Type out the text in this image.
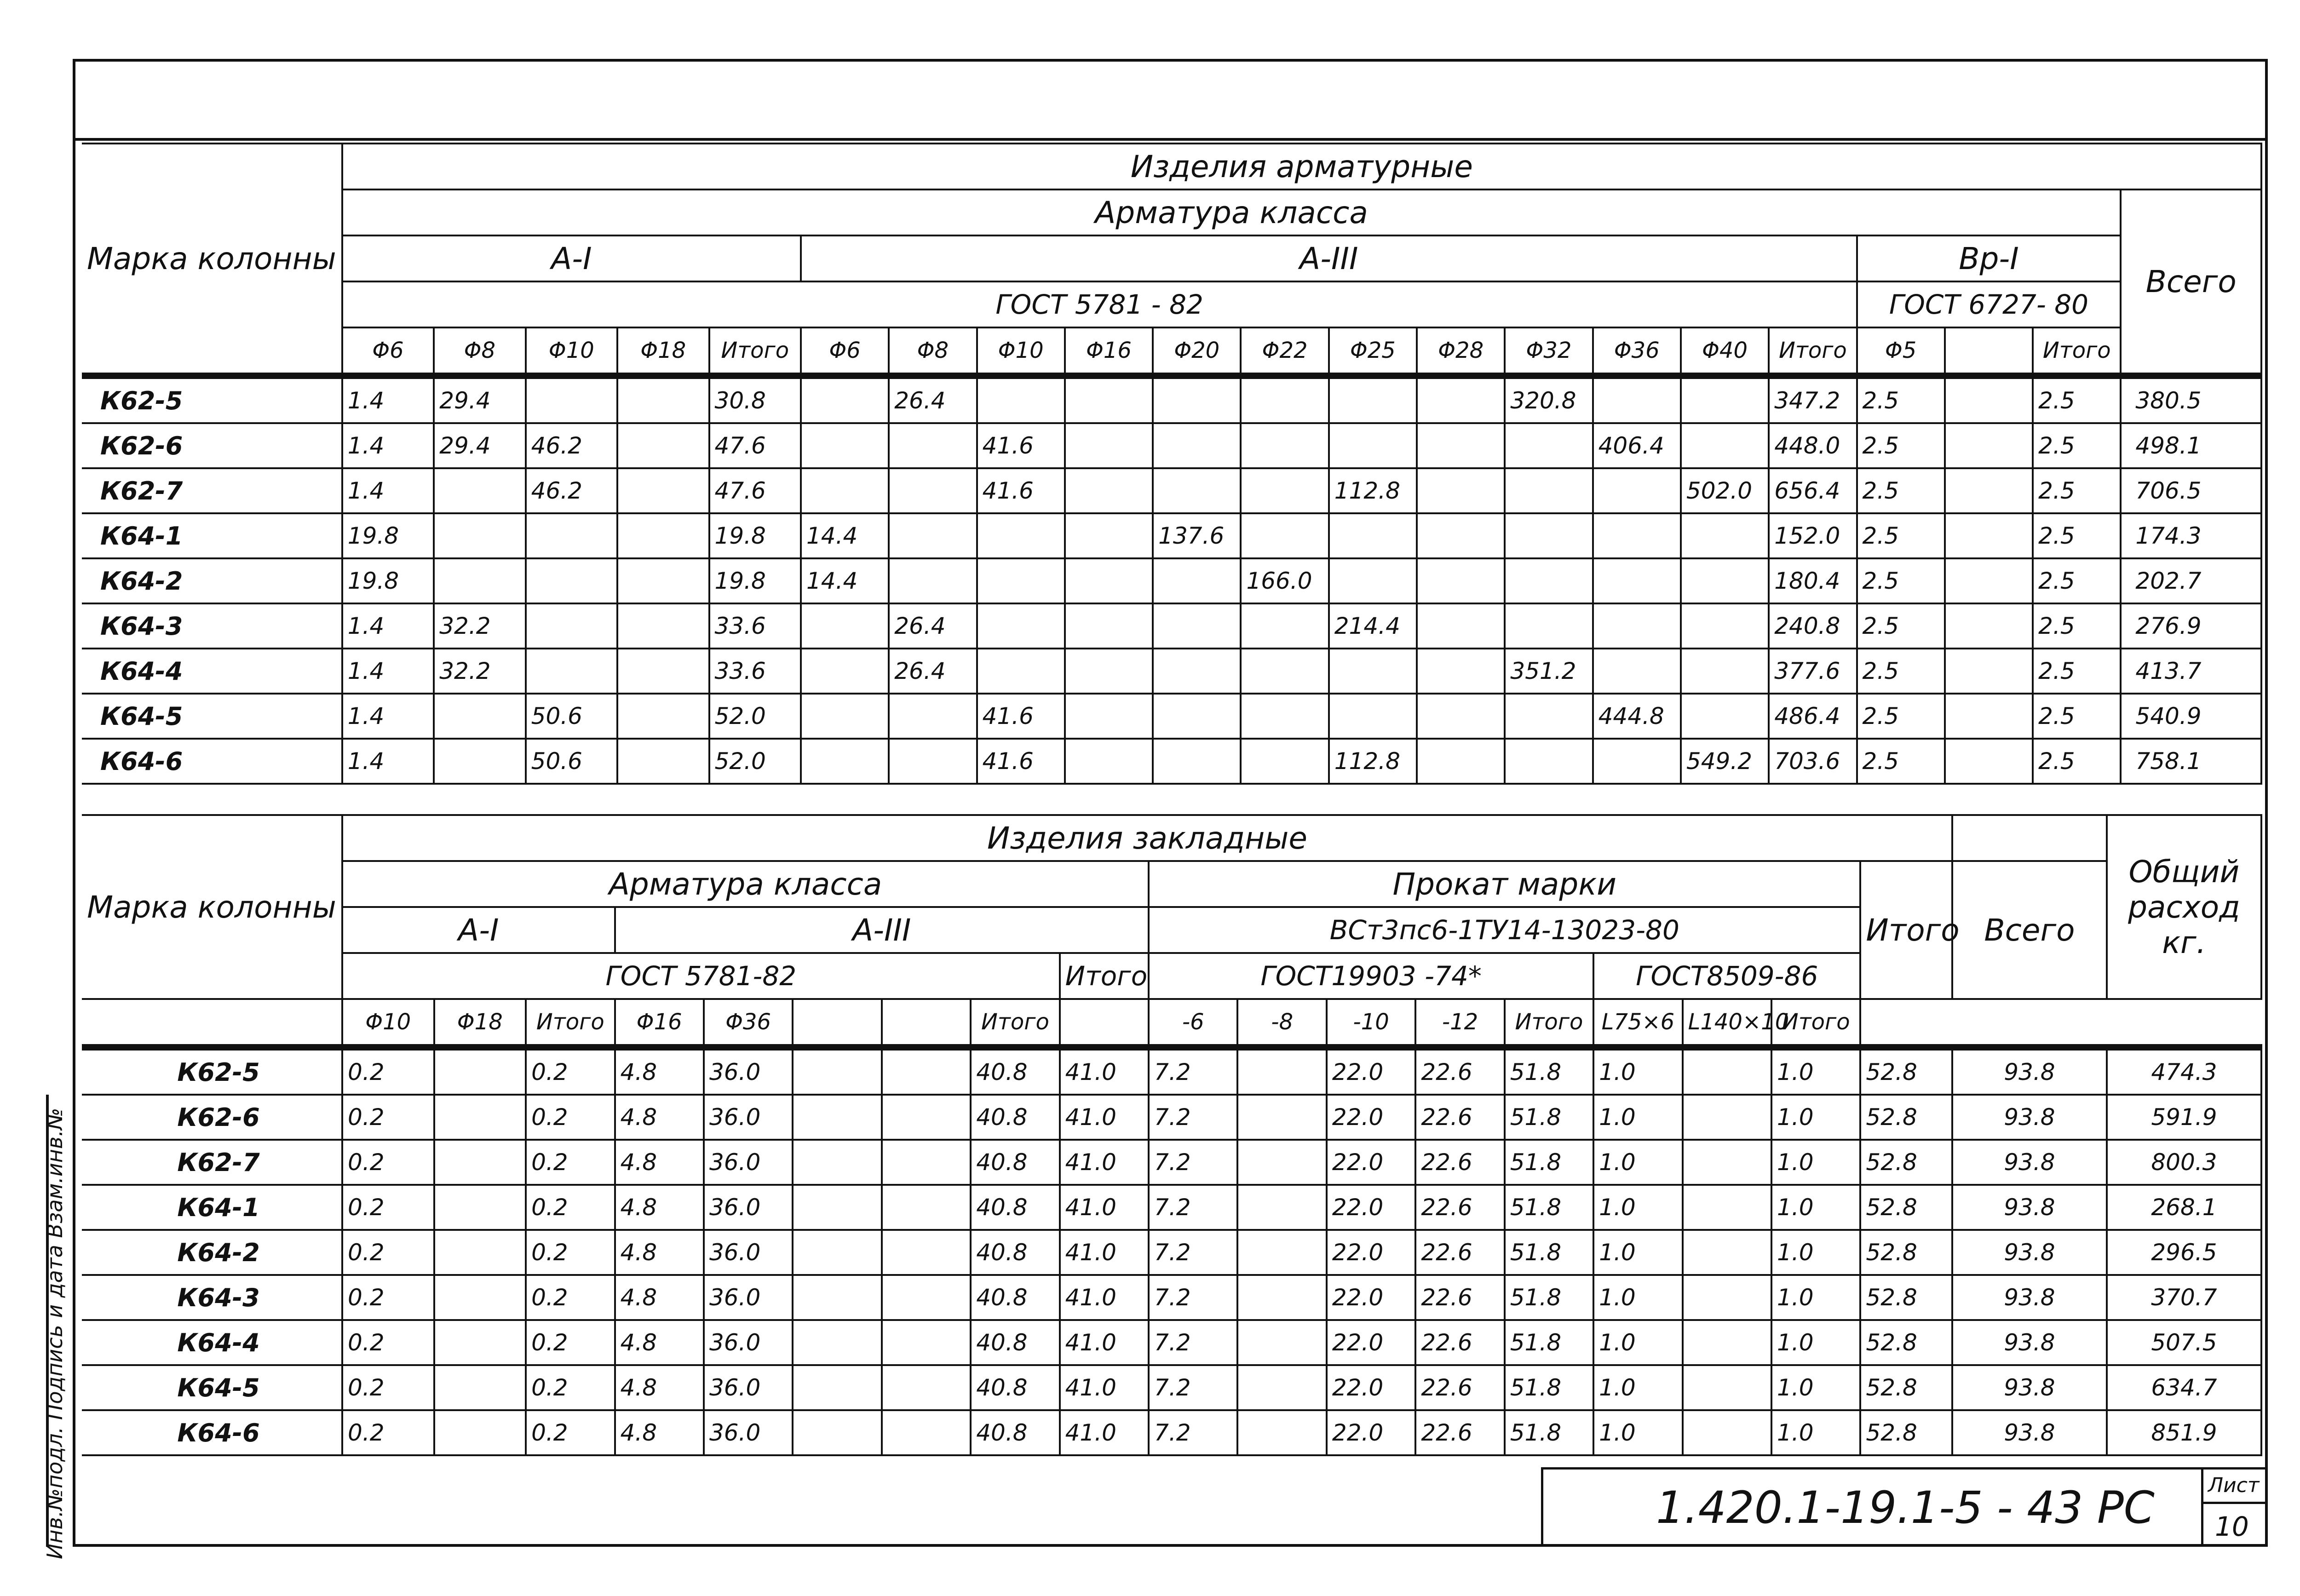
Марка колонны	Изделия арматурные																				
	Арматура класса																				Всего
	А-I					А-III												Вр-I			
	ГОСТ 5781 - 82																	ГОСТ 6727- 80			
	Φ6	Φ8	Φ10	Φ18	Итого	Φ6	Φ8	Φ10	Φ16	Φ20	Φ22	Φ25	Φ28	Φ32	Φ36	Φ40	Итого	Φ5		Итого	
К62-5	1.4	29.4			30.8		26.4							320.8			347.2	2.5		2.5	380.5
К62-6	1.4	29.4	46.2		47.6			41.6							406.4		448.0	2.5		2.5	498.1
К62-7	1.4		46.2		47.6			41.6				112.8				502.0	656.4	2.5		2.5	706.5
К64-1	19.8				19.8	14.4				137.6							152.0	2.5		2.5	174.3
К64-2	19.8				19.8	14.4					166.0						180.4	2.5		2.5	202.7
К64-3	1.4	32.2			33.6		26.4					214.4					240.8	2.5		2.5	276.9
К64-4	1.4	32.2			33.6		26.4							351.2			377.6	2.5		2.5	413.7
К64-5	1.4		50.6		52.0			41.6							444.8		486.4	2.5		2.5	540.9
К64-6	1.4		50.6		52.0			41.6				112.8				549.2	703.6	2.5		2.5	758.1

Марка колонны	Изделия закладные																			Общий расход кг.
	Арматура класса									Прокат марки								Итого	Всего	
	А-I			А-III						ВСт3пс6-1ТУ14-13023-80										
	ГОСТ 5781-82								Итого	ГОСТ19903 -74*					ГОСТ8509-86					
	Φ10	Φ18	Итого	Φ16	Φ36			Итого		-6	-8	-10	-12	Итого	L75×6	L140×10	Итого			
К62-5	0.2		0.2	4.8	36.0			40.8	41.0	7.2		22.0	22.6	51.8	1.0		1.0	52.8	93.8	474.3
К62-6	0.2		0.2	4.8	36.0			40.8	41.0	7.2		22.0	22.6	51.8	1.0		1.0	52.8	93.8	591.9
К62-7	0.2		0.2	4.8	36.0			40.8	41.0	7.2		22.0	22.6	51.8	1.0		1.0	52.8	93.8	800.3
К64-1	0.2		0.2	4.8	36.0			40.8	41.0	7.2		22.0	22.6	51.8	1.0		1.0	52.8	93.8	268.1
К64-2	0.2		0.2	4.8	36.0			40.8	41.0	7.2		22.0	22.6	51.8	1.0		1.0	52.8	93.8	296.5
К64-3	0.2		0.2	4.8	36.0			40.8	41.0	7.2		22.0	22.6	51.8	1.0		1.0	52.8	93.8	370.7
К64-4	0.2		0.2	4.8	36.0			40.8	41.0	7.2		22.0	22.6	51.8	1.0		1.0	52.8	93.8	507.5
К64-5	0.2		0.2	4.8	36.0			40.8	41.0	7.2		22.0	22.6	51.8	1.0		1.0	52.8	93.8	634.7
К64-6	0.2		0.2	4.8	36.0			40.8	41.0	7.2		22.0	22.6	51.8	1.0		1.0	52.8	93.8	851.9
1.420.1-19.1-5 - 43 РС	Лист
10
Инв.№подл. Подпись и дата Взам.инв.№
